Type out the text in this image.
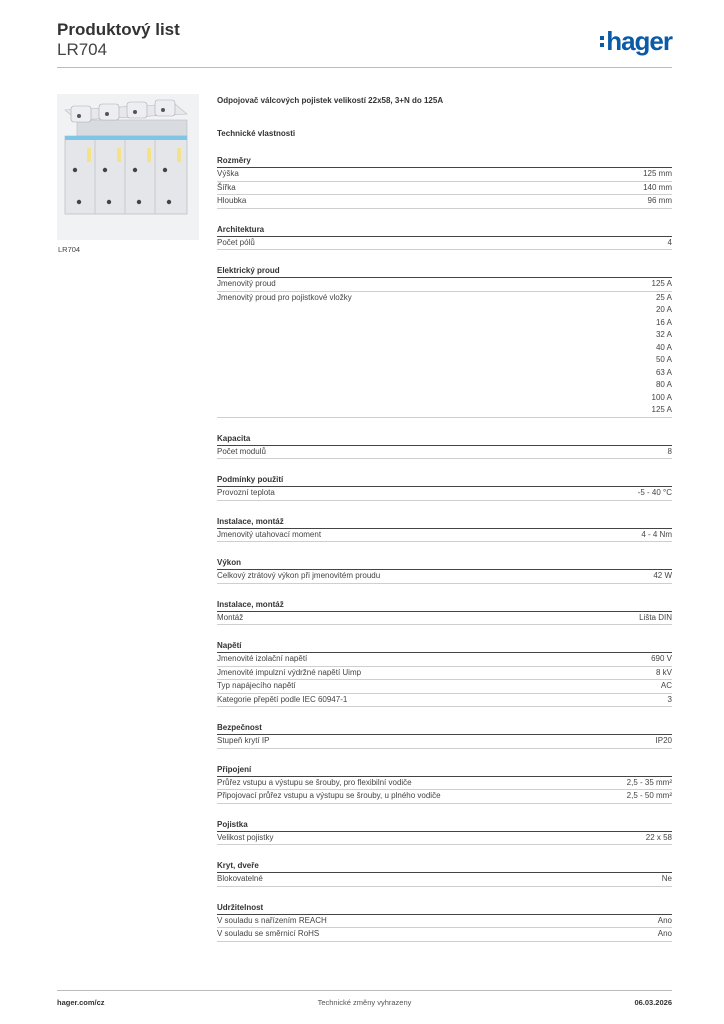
Produktový list
LR704	hager
LR704
Odpojovač válcových pojistek velikostí 22x58, 3+N do 125A
Technické vlastnosti
Rozměry
Výška	125 mm
Šířka	140 mm
Hloubka	96 mm
Architektura
Počet pólů	4
Elektrický proud
Jmenovitý proud	125 A
Jmenovitý proud pro pojistkové vložky	25 A
20 A
16 A
32 A
40 A
50 A
63 A
80 A
100 A
125 A
Kapacita
Počet modulů	8
Podmínky použití
Provozní teplota	-5 - 40 °C
Instalace, montáž
Jmenovitý utahovací moment	4 - 4 Nm
Výkon
Celkový ztrátový výkon při jmenovitém proudu	42 W
Instalace, montáž
Montáž	Lišta DIN
Napětí
Jmenovité izolační napětí	690 V
Jmenovité impulzní výdržné napětí Uimp	8 kV
Typ napájecího napětí	AC
Kategorie přepětí podle IEC 60947-1	3
Bezpečnost
Stupeň krytí IP	IP20
Připojení
Průřez vstupu a výstupu se šrouby, pro flexibilní vodiče	2,5 - 35 mm²
Připojovací průřez vstupu a výstupu se šrouby, u plného vodiče	2,5 - 50 mm²
Pojistka
Velikost pojistky	22 x 58
Kryt, dveře
Blokovatelné	Ne
Udržitelnost
V souladu s nařízením REACH	Ano
V souladu se směrnicí RoHS	Ano
hager.com/cz	Technické změny vyhrazeny	06.03.2026
